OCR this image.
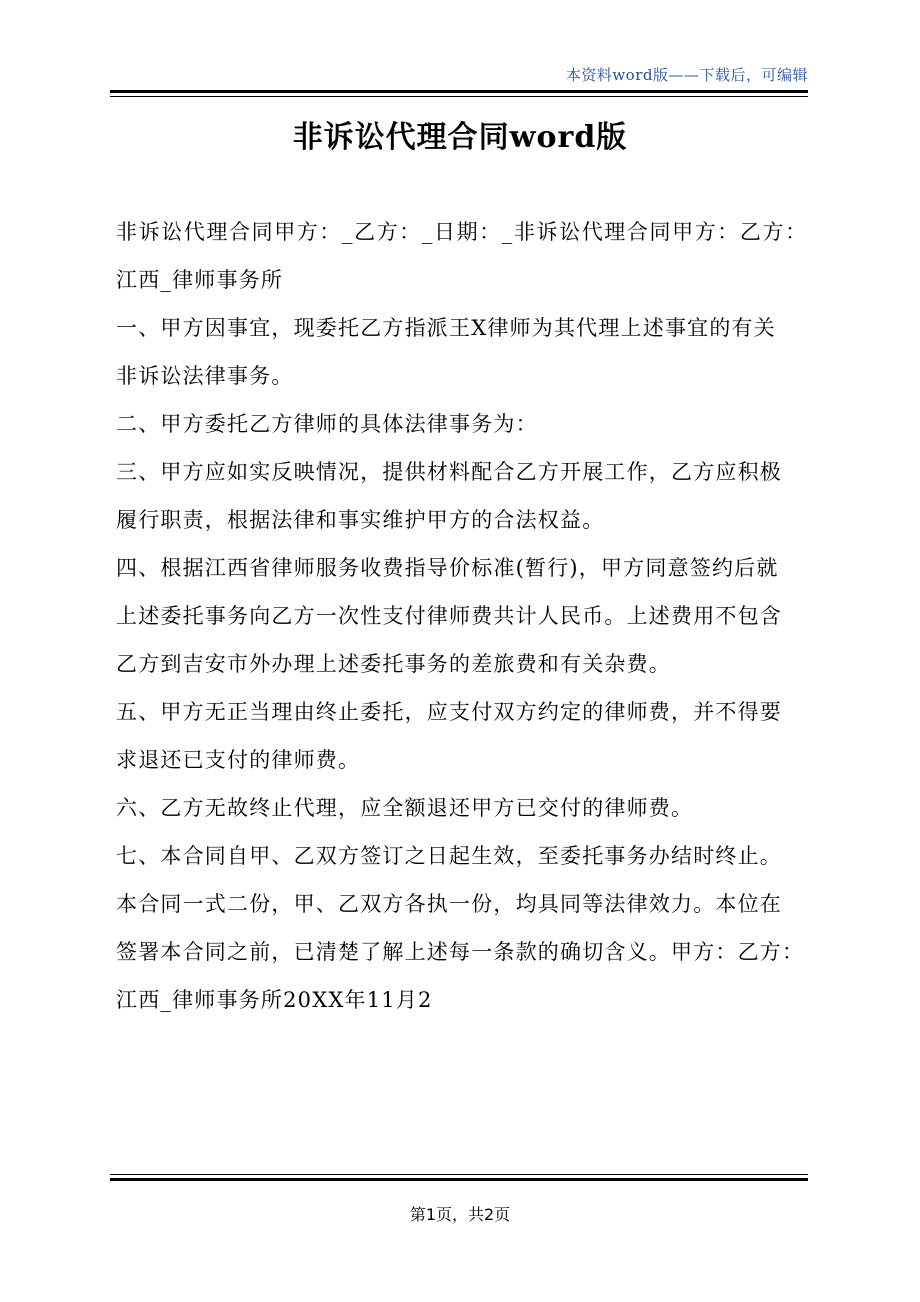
本资料word版——下载后，可编辑
非诉讼代理合同word版
非诉讼代理合同甲方：_乙方：_日期：_非诉讼代理合同甲方：乙方：
江西_律师事务所
一、甲方因事宜，现委托乙方指派王X律师为其代理上述事宜的有关
非诉讼法律事务。
二、甲方委托乙方律师的具体法律事务为：
三、甲方应如实反映情况，提供材料配合乙方开展工作，乙方应积极
履行职责，根据法律和事实维护甲方的合法权益。
四、根据江西省律师服务收费指导价标准(暂行)，甲方同意签约后就
上述委托事务向乙方一次性支付律师费共计人民币。上述费用不包含
乙方到吉安市外办理上述委托事务的差旅费和有关杂费。
五、甲方无正当理由终止委托，应支付双方约定的律师费，并不得要
求退还已支付的律师费。
六、乙方无故终止代理，应全额退还甲方已交付的律师费。
七、本合同自甲、乙双方签订之日起生效，至委托事务办结时终止。
本合同一式二份，甲、乙双方各执一份，均具同等法律效力。本位在
签署本合同之前，已清楚了解上述每一条款的确切含义。甲方：乙方：
江西_律师事务所20XX年11月2
第1页，共2页
